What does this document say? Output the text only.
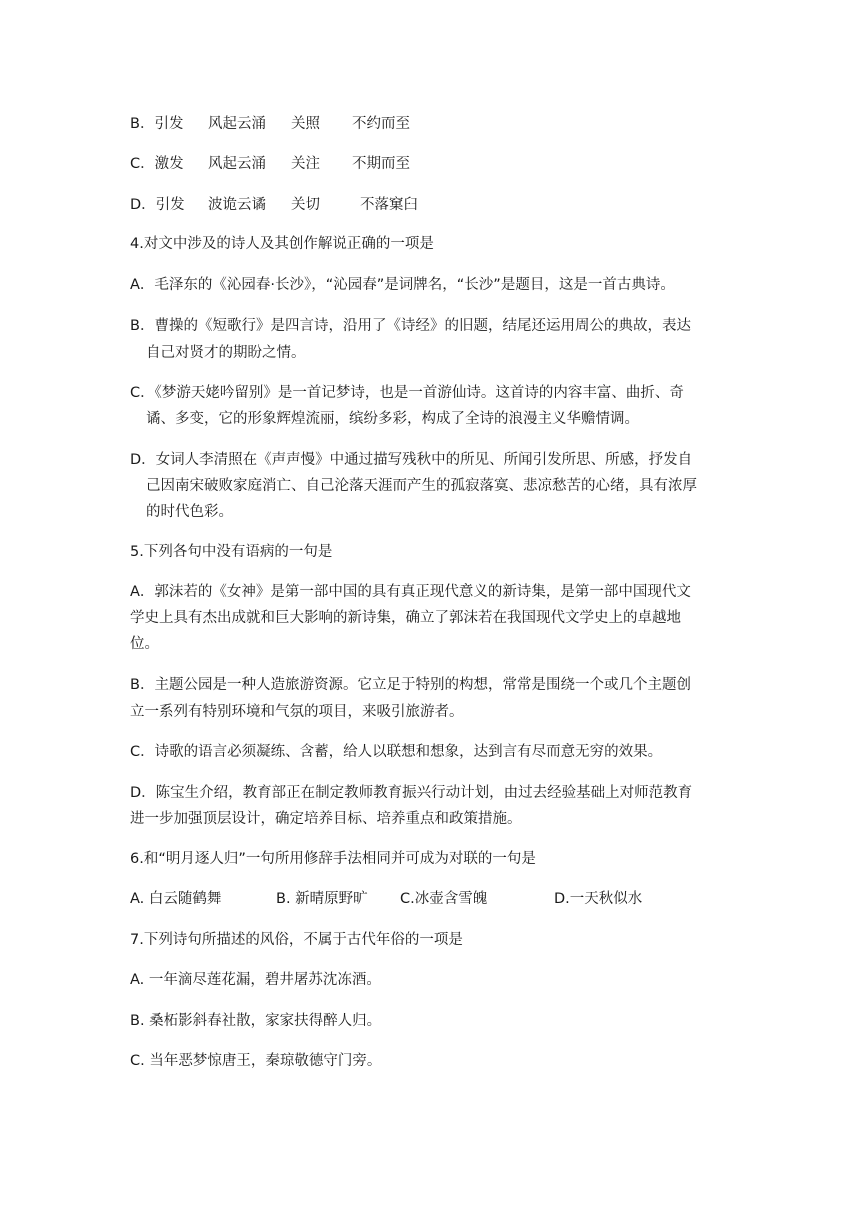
B．引发 风起云涌 关照 不约而至
C．激发 风起云涌 关注 不期而至
D．引发 波诡云谲 关切	不落窠臼
4.对文中涉及的诗人及其创作解说正确的一项是
A．毛泽东的《沁园春·长沙》，“沁园春”是词牌名，“长沙”是题目，这是一首古典诗。
B．曹操的《短歌行》是四言诗，沿用了《诗经》的旧题，结尾还运用周公的典故，表达
自己对贤才的期盼之情。
C．《梦游天姥吟留别》是一首记梦诗，也是一首游仙诗。这首诗的内容丰富、曲折、奇
谲、多变，它的形象辉煌流丽，缤纷多彩，构成了全诗的浪漫主义华赡情调。
D．女词人李清照在《声声慢》中通过描写残秋中的所见、所闻引发所思、所感，抒发自
己因南宋破败家庭消亡、自己沦落天涯而产生的孤寂落寞、悲凉愁苦的心绪，具有浓厚
的时代色彩。
5.下列各句中没有语病的一句是
A．郭沫若的《女神》是第一部中国的具有真正现代意义的新诗集，是第一部中国现代文
学史上具有杰出成就和巨大影响的新诗集，确立了郭沫若在我国现代文学史上的卓越地
位。
B．主题公园是一种人造旅游资源。它立足于特别的构想，常常是围绕一个或几个主题创
立一系列有特别环境和气氛的项目，来吸引旅游者。
C．诗歌的语言必须凝练、含蓄，给人以联想和想象，达到言有尽而意无穷的效果。
D．陈宝生介绍，教育部正在制定教师教育振兴行动计划，由过去经验基础上对师范教育
进一步加强顶层设计，确定培养目标、培养重点和政策措施。
6.和“明月逐人归”一句所用修辞手法相同并可成为对联的一句是
A. 白云随鹤舞	B. 新晴原野旷 C.冰壶含雪魄	D.一天秋似水
7.下列诗句所描述的风俗，不属于古代年俗的一项是
A. 一年滴尽莲花漏，碧井屠苏沈冻酒。
B. 桑柘影斜春社散，家家扶得醉人归。
C. 当年恶梦惊唐王，秦琼敬德守门旁。
